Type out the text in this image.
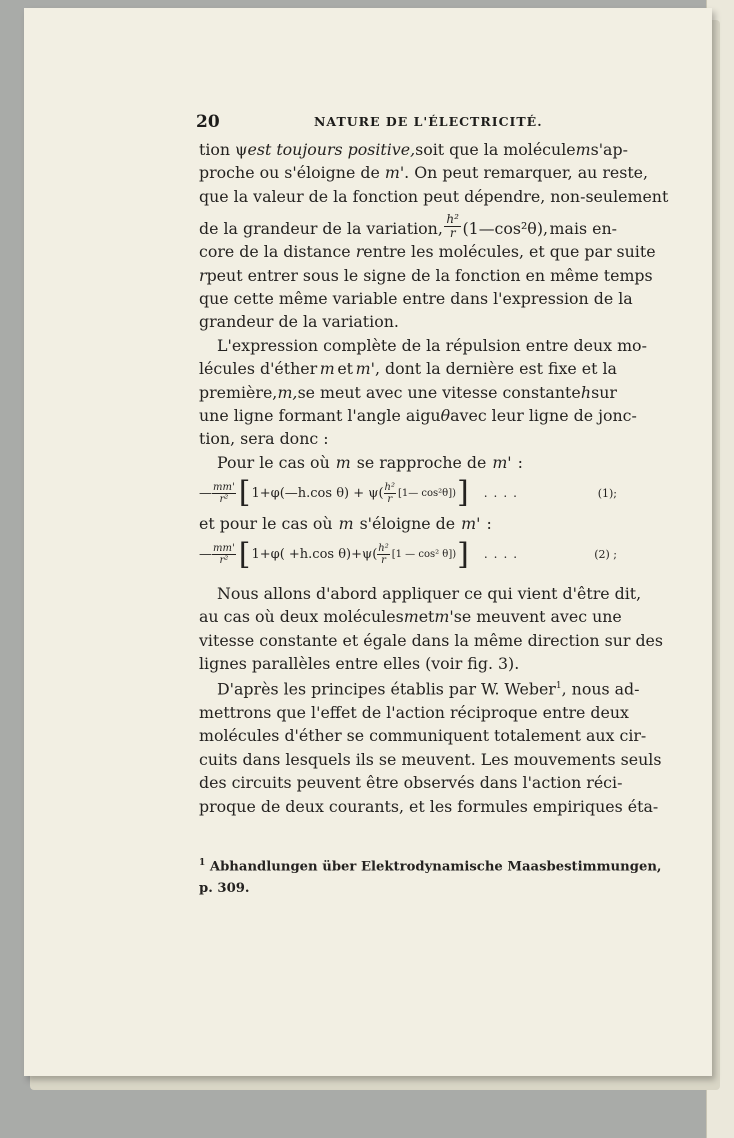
20	NATURE DE L'ÉLECTRICITÉ.
tion ψ est toujours positive, soit que la molécule m s'ap-
proche ou s'éloigne de m' . On peut remarquer, au reste,
que la valeur de la fonction peut dépendre, non-seulement
de la grandeur de la variation, h²
r (1—cos²θ), mais en-
core de la distance r entre les molécules, et que par suite
r peut entrer sous le signe de la fonction en même temps
que cette même variable entre dans l'expression de la
grandeur de la variation.
L'expression complète de la répulsion entre deux mo-
lécules d'éther m et m', dont la dernière est fixe et la
première, m, se meut avec une vitesse constante h sur
une ligne formant l'angle aigu θ avec leur ligne de jonc-
tion, sera donc :
Pour le cas où m se rapproche de m' :
— $\frac{mm'}{\text{r²}}$ [ 1+φ(—h.cos $\theta) + \psi( \frac{\text{h²}}{r}$ [1— cos²θ]) ] ....	(1);
et pour le cas où m s'éloigne de m' :
— $\frac{mm'}{\text{r²}}$ [ 1+φ( +h.cos $\theta)+\psi( \frac{\text{h²}}{r} [1$ — cos² θ]) ] ....	(2) ;
Nous allons d'abord appliquer ce qui vient d'être dit,
au cas où deux molécules m et m' se meuvent avec une
vitesse constante et égale dans la même direction sur des
lignes parallèles entre elles (voir fig. 3).
D'après les principes établis par W. Weber$^1$, nous ad-
mettrons que l'effet de l'action réciproque entre deux
molécules d'éther se communiquent totalement aux cir-
cuits dans lesquels ils se meuvent. Les mouvements seuls
des circuits peuvent être observés dans l'action réci-
proque de deux courants, et les formules empiriques éta-
$^1$ Abhandlungen über Elektrodynamische Maasbestimmungen,
p. 309.
